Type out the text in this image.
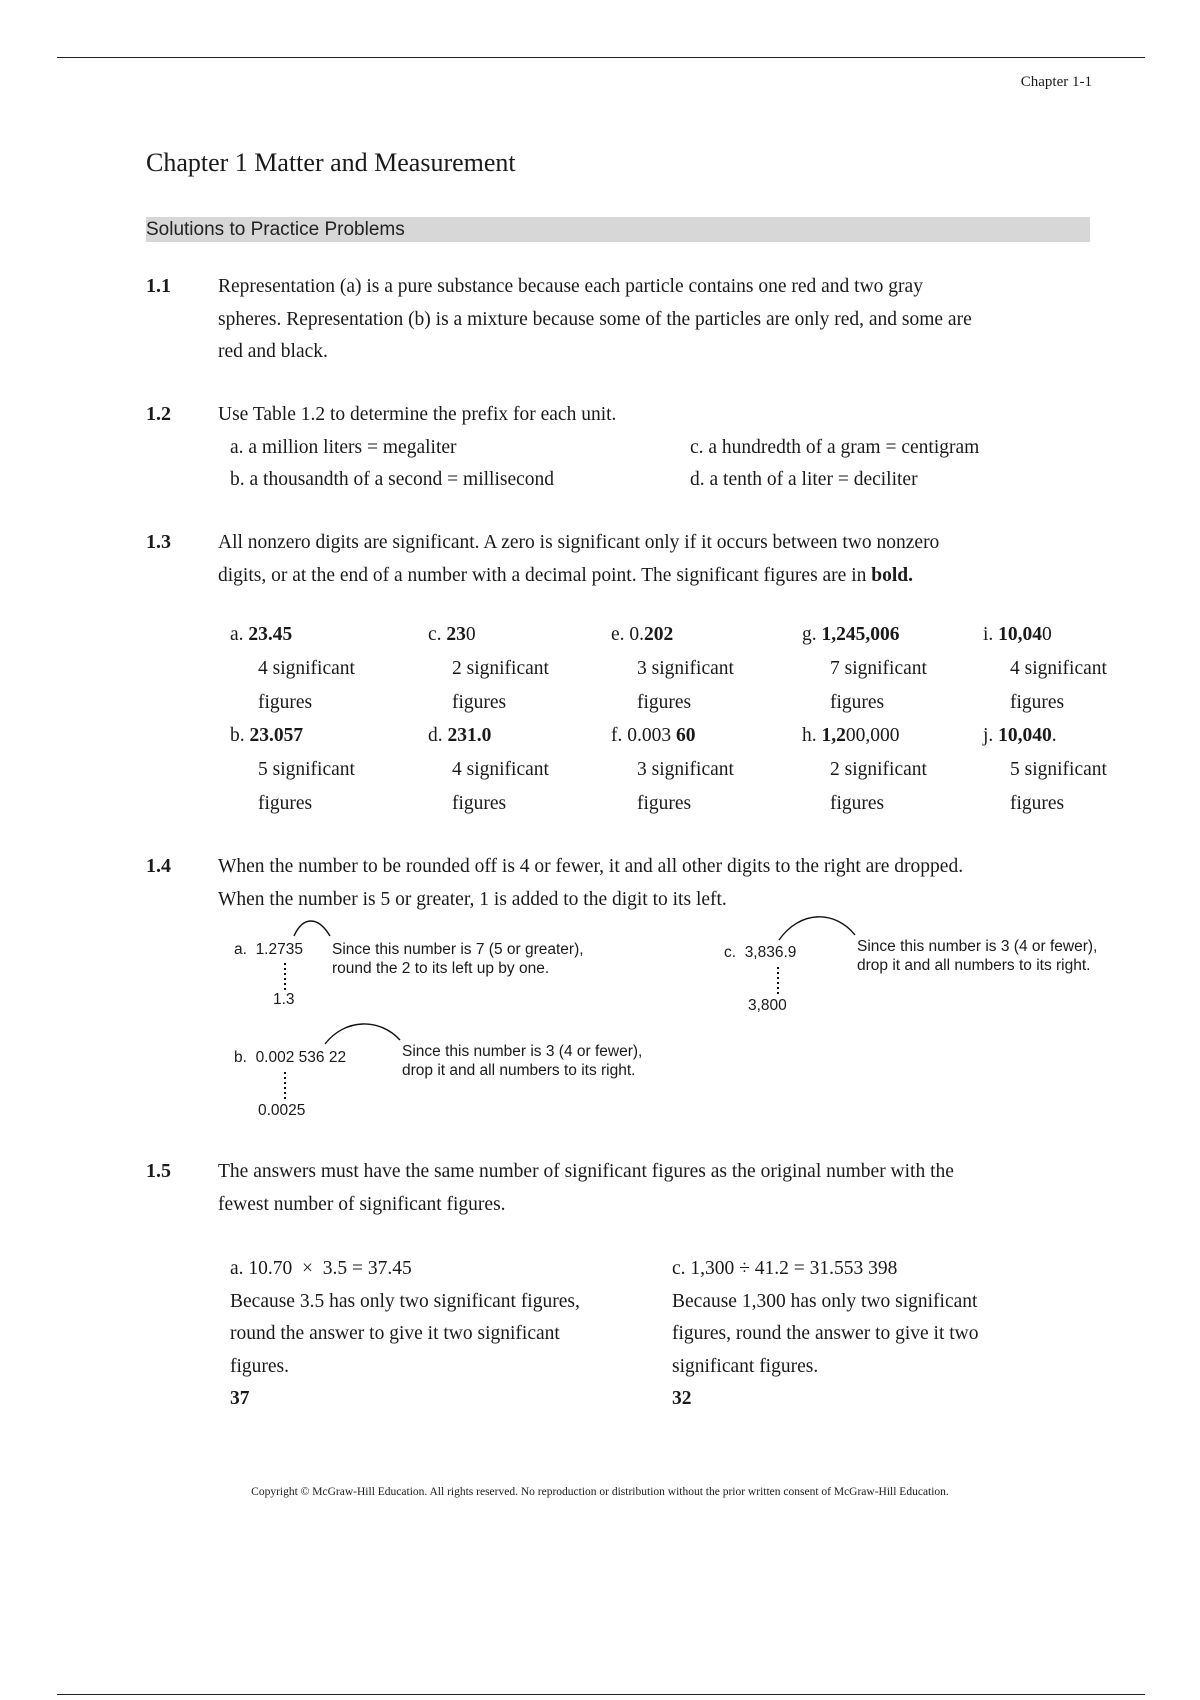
Chapter 1-1
Chapter 1 Matter and Measurement
Solutions to Practice Problems
1.1 Representation (a) is a pure substance because each particle contains one red and two gray
spheres. Representation (b) is a mixture because some of the particles are only red, and some are
red and black.
1.2 Use Table 1.2 to determine the prefix for each unit.
a. a million liters = megaliter
b. a thousandth of a second = millisecond
c. a hundredth of a gram = centigram
d. a tenth of a liter = deciliter
1.3 All nonzero digits are significant. A zero is significant only if it occurs between two nonzero
digits, or at the end of a number with a decimal point. The significant figures are in bold.
a. 23.45
4 significant
figures
c. 230
2 significant
figures
e. 0.202
3 significant
figures
g. 1,245,006
7 significant
figures
i. 10,040
4 significant
figures
b. 23.057
5 significant
figures
d. 231.0
4 significant
figures
f. 0.003 60
3 significant
figures
h. 1,200,000
2 significant
figures
j. 10,040.
5 significant
figures
1.4 When the number to be rounded off is 4 or fewer, it and all other digits to the right are dropped.
When the number is 5 or greater, 1 is added to the digit to its left.
a. 1.2735 Since this number is 7 (5 or greater),
round the 2 to its left up by one.
1.3
c. 3,836.9	Since this number is 3 (4 or fewer),
drop it and all numbers to its right.
3,800
b. 0.002 536 22	Since this number is 3 (4 or fewer),
drop it and all numbers to its right.
0.0025
1.5 The answers must have the same number of significant figures as the original number with the
fewest number of significant figures.
a. 10.70  ×  3.5 = 37.45
Because 3.5 has only two significant figures,
round the answer to give it two significant
figures.
37
c. 1,300 ÷ 41.2 = 31.553 398
Because 1,300 has only two significant
figures, round the answer to give it two
significant figures.
32
Copyright © McGraw-Hill Education. All rights reserved. No reproduction or distribution without the prior written consent of McGraw-Hill Education.
